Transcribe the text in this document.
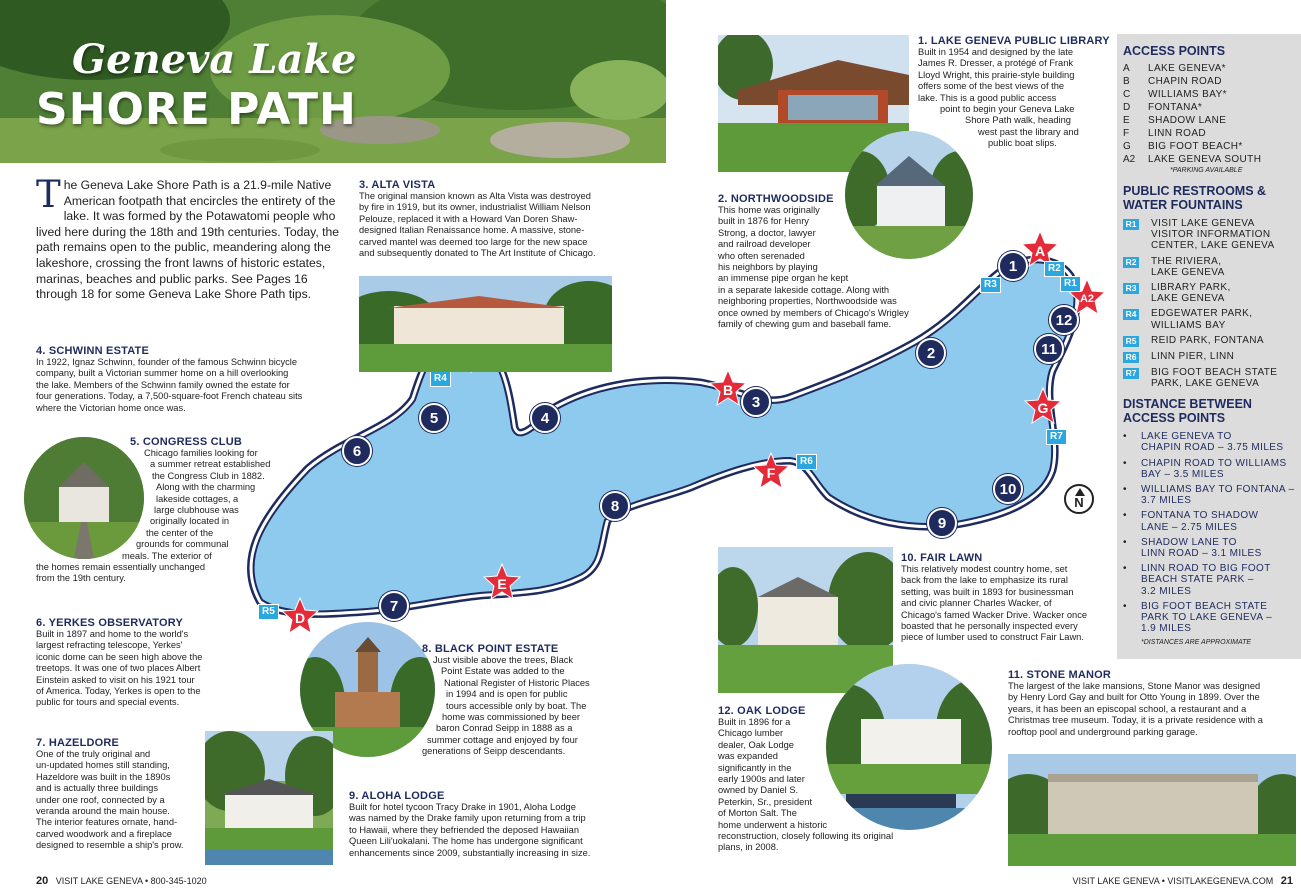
Geneva Lake
SHORE PATH
The Geneva Lake Shore Path is a 21.9-mile Native American footpath that encircles the entirety of the lake. It was formed by the Potawatomi people who lived here during the 18th and 19th centuries. Today, the path remains open to the public, meandering along the lakeshore, crossing the front lawns of historic estates, marinas, beaches and public parks. See Pages 16 through 18 for some Geneva Lake Shore Path tips.
1
2
3
4
5
6
7
8
9
10
11
12
A
A2
B
D
E
F
G
R1
R2
R3
R4
R5
R6
R7
N
1. LAKE GENEVA PUBLIC LIBRARY
Built in 1954 and designed by the late
James R. Dresser, a protégé of Frank
Lloyd Wright, this prairie-style building
offers some of the best views of the
lake. This is a good public access
point to begin your Geneva Lake
Shore Path walk, heading
west past the library and
public boat slips.
2. NORTHWOODSIDE
This home was originally
built in 1876 for Henry
Strong, a doctor, lawyer
and railroad developer
who often serenaded
his neighbors by playing
an immense pipe organ he kept
in a separate lakeside cottage. Along with
neighboring properties, Northwoodside was
once owned by members of Chicago's Wrigley
family of chewing gum and baseball fame.
3. ALTA VISTA
The original mansion known as Alta Vista was destroyed
by fire in 1919, but its owner, industrialist William Nelson
Pelouze, replaced it with a Howard Van Doren Shaw-
designed Italian Renaissance home. A massive, stone-
carved mantel was deemed too large for the new space
and subsequently donated to The Art Institute of Chicago.
4. SCHWINN ESTATE
In 1922, Ignaz Schwinn, founder of the famous Schwinn bicycle
company, built a Victorian summer home on a hill overlooking
the lake. Members of the Schwinn family owned the estate for
four generations. Today, a 7,500-square-foot French chateau sits
where the Victorian home once was.
5. CONGRESS CLUB
Chicago families looking for
a summer retreat established
the Congress Club in 1882.
Along with the charming
lakeside cottages, a
large clubhouse was
originally located in
the center of the
grounds for communal
meals. The exterior of
the homes remain essentially unchanged
from the 19th century.
6. YERKES OBSERVATORY
Built in 1897 and home to the world's
largest refracting telescope, Yerkes'
iconic dome can be seen high above the
treetops. It was one of two places Albert
Einstein asked to visit on his 1921 tour
of America. Today, Yerkes is open to the
public for tours and special events.
7. HAZELDORE
One of the truly original and
un-updated homes still standing,
Hazeldore was built in the 1890s
and is actually three buildings
under one roof, connected by a
veranda around the main house.
The interior features ornate, hand-
carved woodwork and a fireplace
designed to resemble a ship's prow.
8. BLACK POINT ESTATE
Just visible above the trees, Black
Point Estate was added to the
National Register of Historic Places
in 1994 and is open for public
tours accessible only by boat. The
home was commissioned by beer
baron Conrad Seipp in 1888 as a
summer cottage and enjoyed by four
generations of Seipp descendants.
9. ALOHA LODGE
Built for hotel tycoon Tracy Drake in 1901, Aloha Lodge
was named by the Drake family upon returning from a trip
to Hawaii, where they befriended the deposed Hawaiian
Queen Lili'uokalani. The home has undergone significant
enhancements since 2009, substantially increasing in size.
10. FAIR LAWN
This relatively modest country home, set
back from the lake to emphasize its rural
setting, was built in 1893 for businessman
and civic planner Charles Wacker, of
Chicago's famed Wacker Drive. Wacker once
boasted that he personally inspected every
piece of lumber used to construct Fair Lawn.
11. STONE MANOR
The largest of the lake mansions, Stone Manor was designed
by Henry Lord Gay and built for Otto Young in 1899. Over the
years, it has been an episcopal school, a restaurant and a
Christmas tree museum. Today, it is a private residence with a
rooftop pool and underground parking garage.
12. OAK LODGE
Built in 1896 for a
Chicago lumber
dealer, Oak Lodge
was expanded
significantly in the
early 1900s and later
owned by Daniel S.
Peterkin, Sr., president
of Morton Salt. The
home underwent a historic
reconstruction, closely following its original
plans, in 2008.
ACCESS POINTS
A	LAKE GENEVA*
B	CHAPIN ROAD
C	WILLIAMS BAY*
D	FONTANA*
E	SHADOW LANE
F	LINN ROAD
G	BIG FOOT BEACH*
A2	LAKE GENEVA SOUTH
*PARKING AVAILABLE
PUBLIC RESTROOMS &
WATER FOUNTAINS
R1 VISIT LAKE GENEVA
VISITOR INFORMATION
CENTER, LAKE GENEVA
R2 THE RIVIERA,
LAKE GENEVA
R3 LIBRARY PARK,
LAKE GENEVA
R4 EDGEWATER PARK,
WILLIAMS BAY
R5 REID PARK, FONTANA
R6 LINN PIER, LINN
R7 BIG FOOT BEACH STATE
PARK, LAKE GENEVA
DISTANCE BETWEEN
ACCESS POINTS
•	LAKE GENEVA TO
CHAPIN ROAD – 3.75 MILES
•	CHAPIN ROAD TO WILLIAMS
BAY – 3.5 MILES
•	WILLIAMS BAY TO FONTANA –
3.7 MILES
•	FONTANA TO SHADOW
LANE – 2.75 MILES
•	SHADOW LANE TO
LINN ROAD – 3.1 MILES
•	LINN ROAD TO BIG FOOT
BEACH STATE PARK –
3.2 MILES
•	BIG FOOT BEACH STATE
PARK TO LAKE GENEVA –
1.9 MILES
*DISTANCES ARE APPROXIMATE
20 VISIT LAKE GENEVA • 800-345-1020	VISIT LAKE GENEVA • VISITLAKEGENEVA.COM 21
